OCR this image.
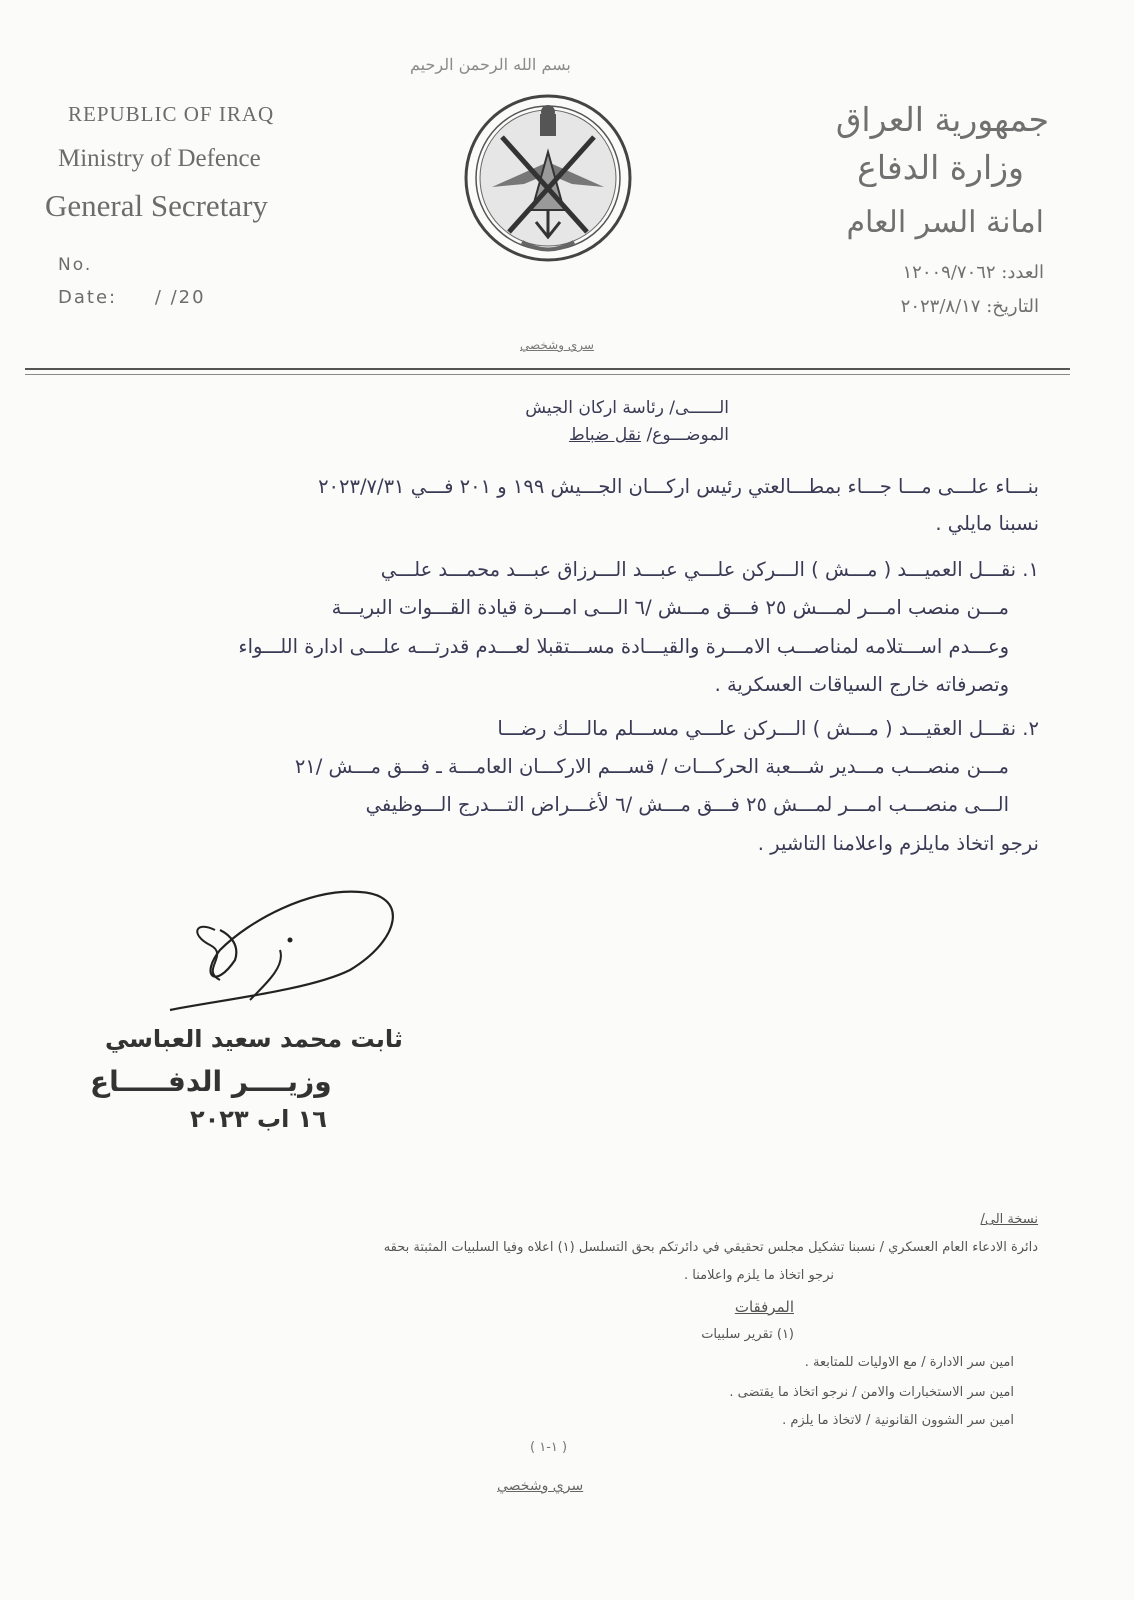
بسم الله الرحمن الرحيم
REPUBLIC OF IRAQ
Ministry of Defence
General Secretary
No.
Date: / /20
جمهورية العراق
وزارة الدفاع
امانة السر العام
العدد: ١٢٠٠٩/٧٠٦٢
التاريخ: ٢٠٢٣/٨/١٧
سري وشخصي
الــــــى/ رئاسة اركان الجيش
الموضـــوع/ نقل ضباط
بنـــاء علـــى مـــا جـــاء بمطـــالعتي رئيس اركـــان الجـــيش ١٩٩ و ٢٠١ فـــي ٢٠٢٣/٧/٣١
نسبنا مايلي .
١. نقـــل العميـــد ( مـــش ) الـــركن علـــي عبـــد الـــرزاق عبـــد محمـــد علـــي
مـــن منصب امـــر لمـــش ٢٥ فـــق مـــش /٦ الـــى امـــرة قيادة القـــوات البريـــة
وعـــدم اســـتلامه لمناصـــب الامـــرة والقيـــادة مســـتقبلا لعـــدم قدرتـــه علـــى ادارة اللـــواء
وتصرفاته خارج السياقات العسكرية .
٢. نقـــل العقيـــد ( مـــش ) الـــركن علـــي مســـلم مالـــك رضـــا
مـــن منصـــب مـــدير شـــعبة الحركـــات / قســـم الاركـــان العامـــة ـ فـــق مـــش /٢١
الـــى منصـــب امـــر لمـــش ٢٥ فـــق مـــش /٦ لأغـــراض التـــدرج الـــوظيفي
نرجو اتخاذ مايلزم واعلامنا التاشير .
ثابت محمد سعيد العباسي
وزيــــر الدفـــــاع
١٦ اب ٢٠٢٣
نسخة الى/
دائرة الادعاء العام العسكري / نسبنا تشكيل مجلس تحقيقي في دائرتكم بحق التسلسل (١) اعلاه وفيا السلبيات المثبتة بحقه
نرجو اتخاذ ما يلزم واعلامنا .
المرفقات
(١) تقرير سلبيات
امين سر الادارة / مع الاوليات للمتابعة .
امين سر الاستخبارات والامن / نرجو اتخاذ ما يقتضى .
امين سر الشوون القانونية / لاتخاذ ما يلزم .
( ١-١ )
سري وشخصي
